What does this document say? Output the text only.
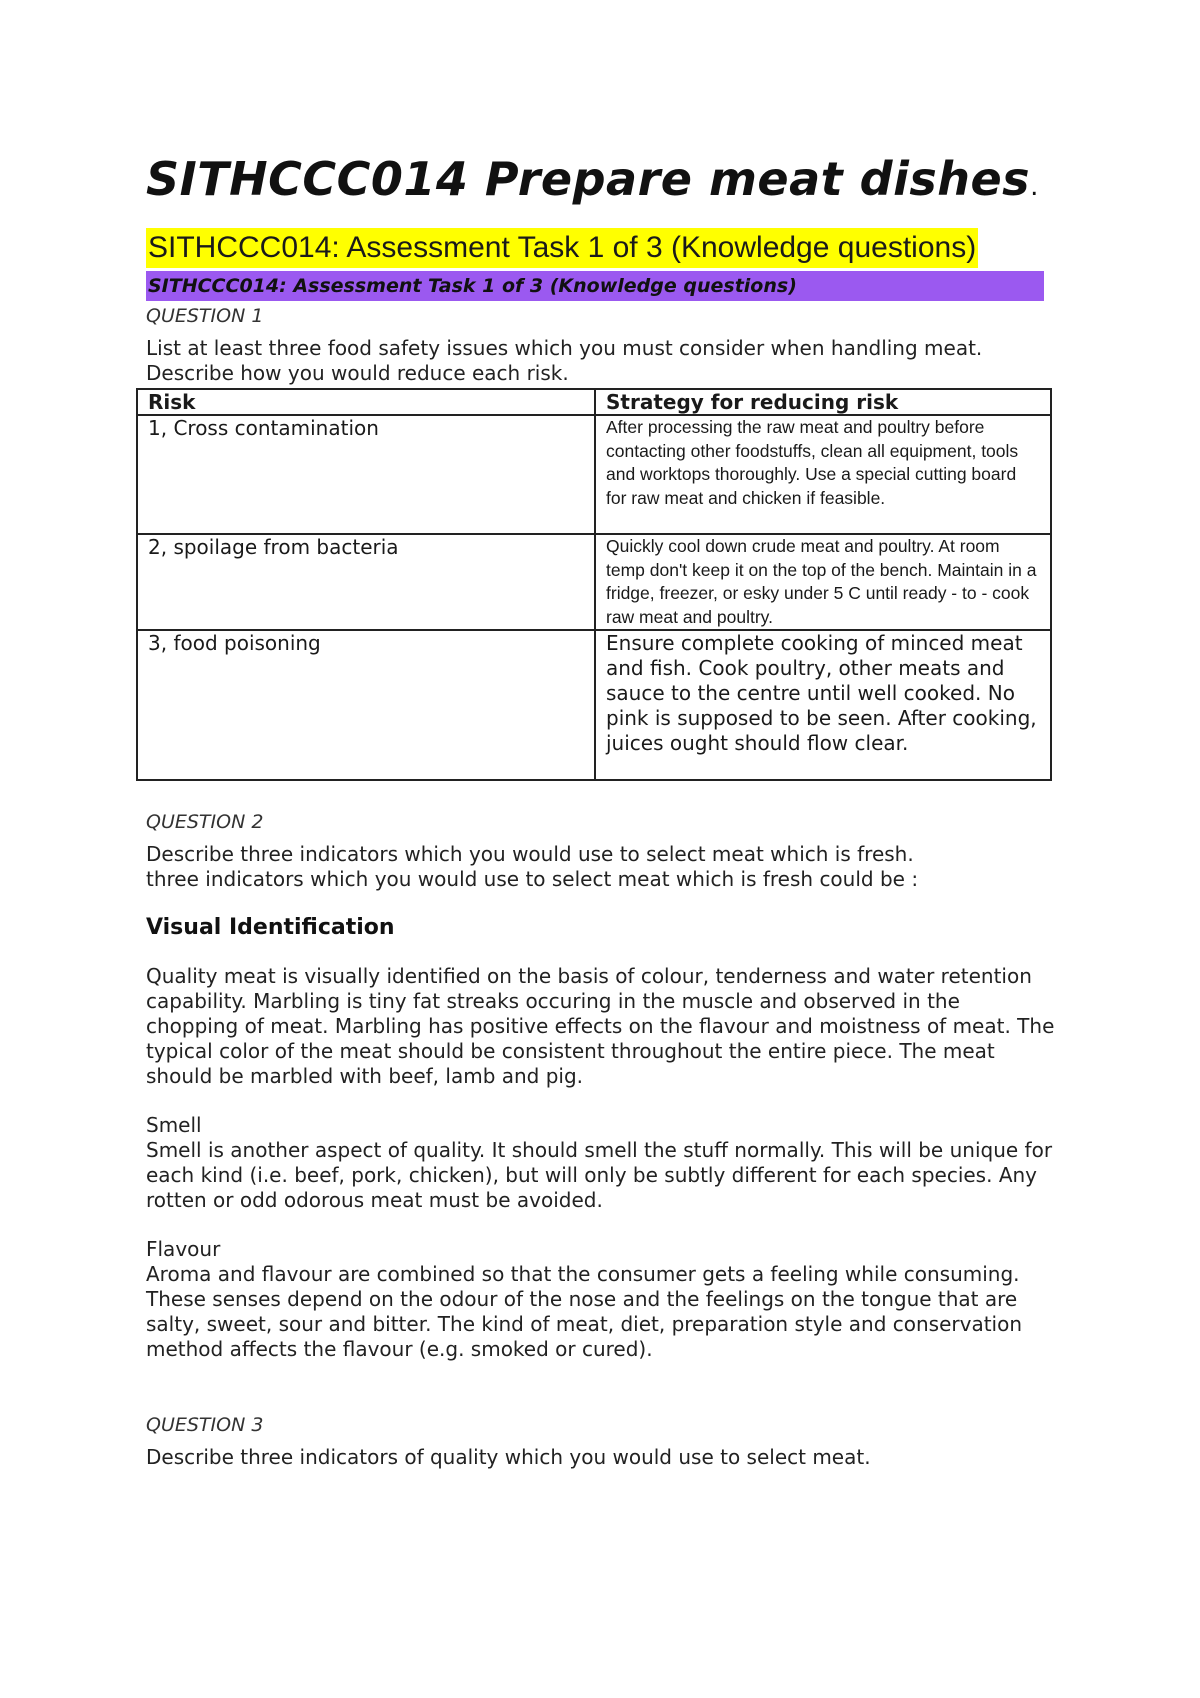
SITHCCC014 Prepare meat dishes.
SITHCCC014: Assessment Task 1 of 3 (Knowledge questions)
SITHCCC014: Assessment Task 1 of 3 (Knowledge questions)

QUESTION 1

List at least three food safety issues which you must consider when handling meat.

Describe how you would reduce each risk.

Risk	Strategy for reducing risk
1, Cross contamination	After processing the raw meat and poultry before contacting other foodstuffs, clean all equipment, tools and worktops thoroughly. Use a special cutting board for raw meat and chicken if feasible.
2, spoilage from bacteria	Quickly cool down crude meat and poultry. At room temp don't keep it on the top of the bench. Maintain in a fridge, freezer, or esky under 5 C until ready - to - cook raw meat and poultry.
3, food poisoning	Ensure complete cooking of minced meat and fish. Cook poultry, other meats and sauce to the centre until well cooked. No pink is supposed to be seen. After cooking, juices ought should flow clear.

QUESTION 2

Describe three indicators which you would use to select meat which is fresh.

three indicators which you would use to select meat which is fresh could be :

Visual Identification

Quality meat is visually identified on the basis of colour, tenderness and water retention capability. Marbling is tiny fat streaks occuring in the muscle and observed in the chopping of meat. Marbling has positive effects on the flavour and moistness of meat. The typical color of the meat should be consistent throughout the entire piece. The meat should be marbled with beef, lamb and pig.

Smell

Smell is another aspect of quality. It should smell the stuff normally. This will be unique for each kind (i.e. beef, pork, chicken), but will only be subtly different for each species. Any rotten or odd odorous meat must be avoided.

Flavour

Aroma and flavour are combined so that the consumer gets a feeling while consuming. These senses depend on the odour of the nose and the feelings on the tongue that are salty, sweet, sour and bitter. The kind of meat, diet, preparation style and conservation method affects the flavour (e.g. smoked or cured).

QUESTION 3

Describe three indicators of quality which you would use to select meat.
